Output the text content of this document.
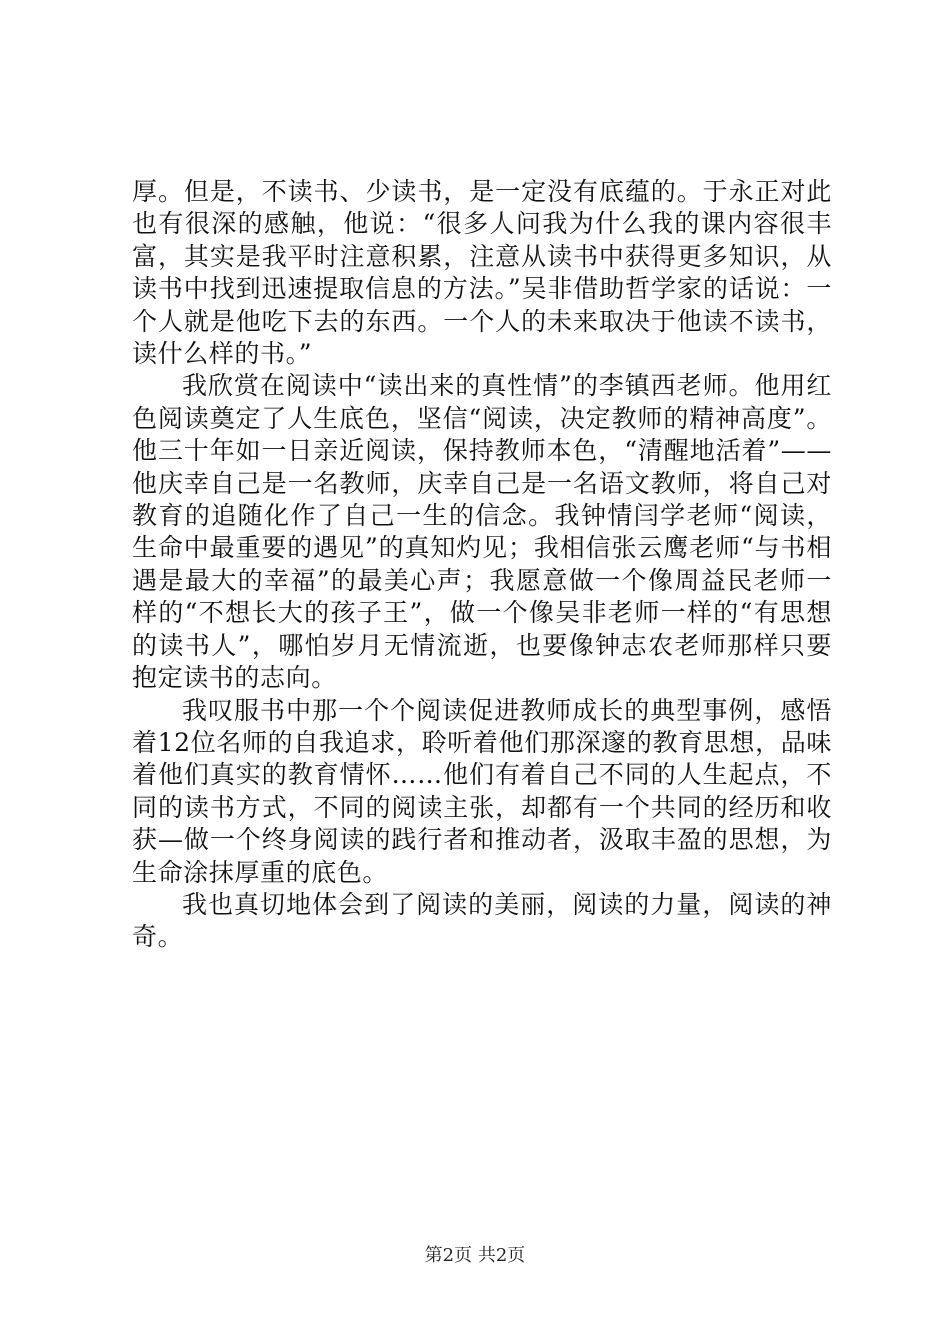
厚。但是，不读书、少读书，是一定没有底蕴的。于永正对此也有很深的感触，他说：“很多人问我为什么我的课内容很丰富，其实是我平时注意积累，注意从读书中获得更多知识，从读书中找到迅速提取信息的方法。”吴非借助哲学家的话说：一个人就是他吃下去的东西。一个人的未来取决于他读不读书，读什么样的书。”

我欣赏在阅读中“读出来的真性情”的李镇西老师。他用红色阅读奠定了人生底色，坚信“阅读，决定教师的精神高度”。他三十年如一日亲近阅读，保持教师本色，“清醒地活着”——他庆幸自己是一名教师，庆幸自己是一名语文教师，将自己对教育的追随化作了自己一生的信念。我钟情闫学老师“阅读，生命中最重要的遇见”的真知灼见；我相信张云鹰老师“与书相遇是最大的幸福”的最美心声；我愿意做一个像周益民老师一样的“不想长大的孩子王”，做一个像吴非老师一样的“有思想的读书人”，哪怕岁月无情流逝，也要像钟志农老师那样只要抱定读书的志向。

我叹服书中那一个个阅读促进教师成长的典型事例，感悟着12位名师的自我追求，聆听着他们那深邃的教育思想，品味着他们真实的教育情怀……他们有着自己不同的人生起点，不同的读书方式，不同的阅读主张，却都有一个共同的经历和收获—做一个终身阅读的践行者和推动者，汲取丰盈的思想，为生命涂抹厚重的底色。

我也真切地体会到了阅读的美丽，阅读的力量，阅读的神奇。

第2页 共2页
